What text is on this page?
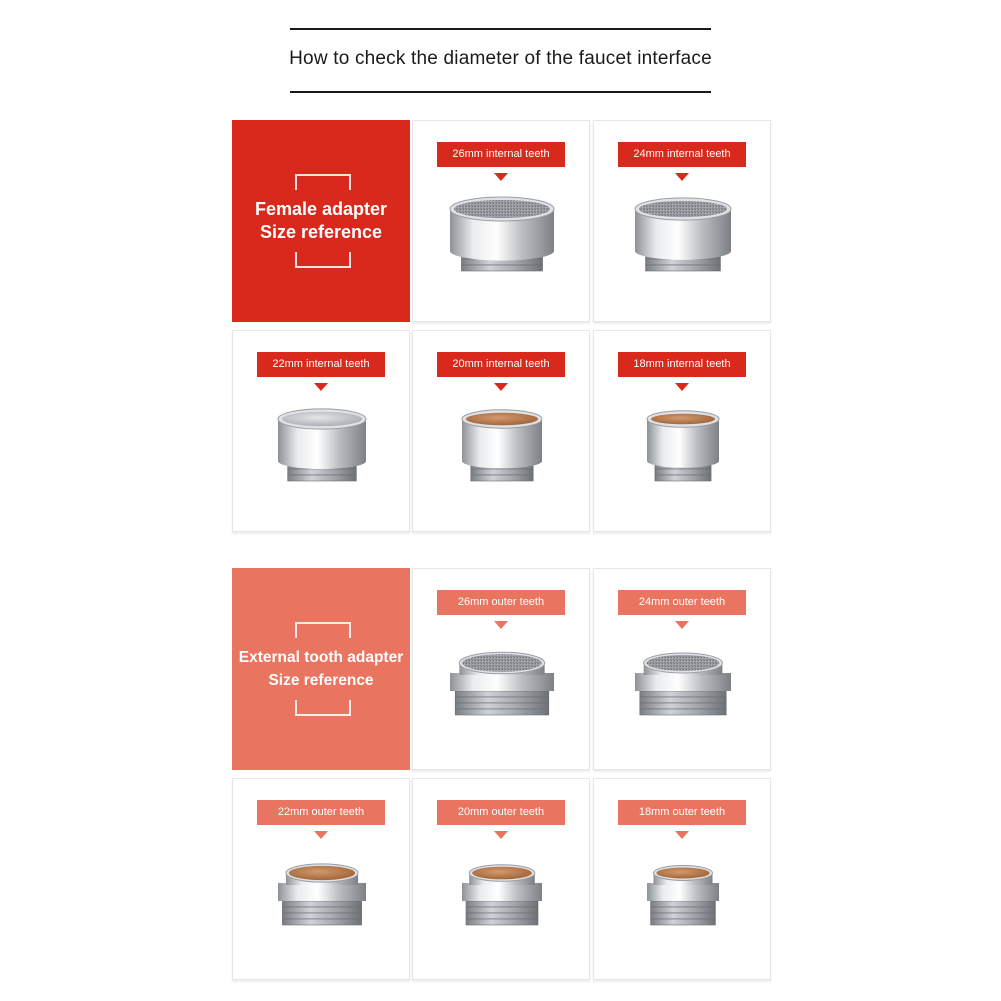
How to check the diameter of the faucet interface
Female adapter
Size reference
26mm internal teeth	24mm internal teeth
22mm internal teeth	20mm internal teeth	18mm internal teeth
External tooth adapter
Size reference
26mm outer teeth	24mm outer teeth
22mm outer teeth	20mm outer teeth	18mm outer teeth
